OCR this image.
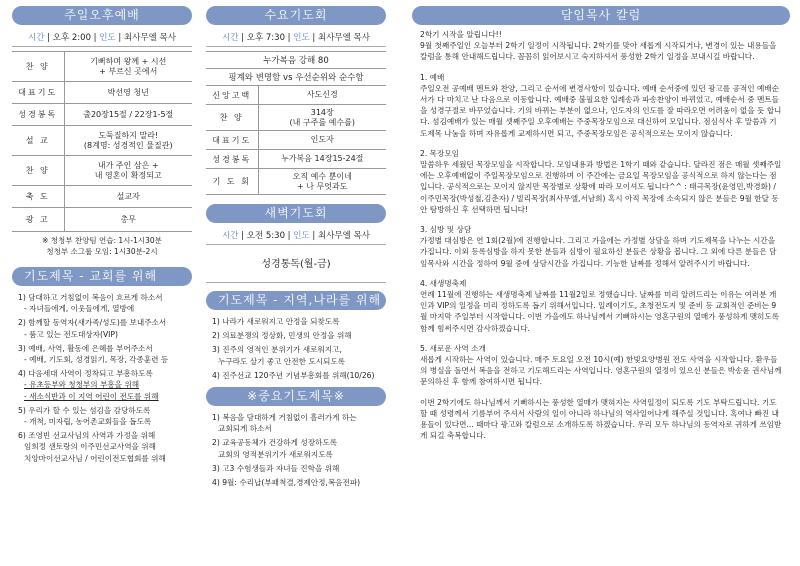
주일오후예배
시간 | 오후 2:00 | 인도 | 최사무엘 목사
찬 양	기뻐하며 왕께 + 시선
+ 부르신 곳에서

대표기도	박선영 청년

성경봉독	출20장15절 / 22장1-5절

설 교	도둑질하지 말라!
(8계명: 성경적인 물질관)

찬 양	내가 주인 삼은 +
내 영혼이 확정되고

축 도	설교자

광 고	총무
※ 청청부 찬양팀 연습: 1시-1시30분
청청부 소그룹 모임: 1시30분-2시
기도제목 - 교회를 위해
1) 담대하고 거침없이 복음이 흐르게 하소서
- 자녀들에게, 이웃들에게, 열방에
2) 함께할 동역자(새가족/성도)를 보내주소서
- 품고 있는 전도대상자(VIP)
3) 예배, 사역, 활동에 은혜를 부어주소서
- 예배, 기도회, 성경읽기, 목장, 각종훈련 등
4) 다음세대 사역이 정착되고 부흥하도록
- 유초등부와 청청부의 부흥을 위해
- 새소식반과 이 지역 어린이 전도를 위해
5) 우리가 할 수 있는 섬김을 감당하도록
- 개척, 미자립, 농어촌교회들을 돕도록
6) 조영빈 선교사님의 사역과 가정을 위해
임희정 샌토랑의 이주민선교사역을 위해
치앙마이선교사님 / 어린이전도협회를 위해
수요기도회
시간 | 오후 7:30 | 인도 | 최사무엘 목사
누가복음 강해 80	
핑계와 변명함 vs 우선순위와 순수함	
신앙고백	사도신경

찬 양	314장
(내 구주를 예수를)

대표기도	인도자

성경봉독	누가복음 14장15-24절

기 도 회	오직 예수 뿐이네
+ 나 무엇과도
새벽기도회
시간 | 오전 5:30 | 인도 | 최사무엘 목사
성경통독(월-금)
기도제목 - 지역,나라를 위해
1) 나라가 새로워지고 안정을 되찾도록
2) 의료분쟁의 정상화, 민생의 안정을 위해
3) 진주의 영적인 분위기가 새로워지고,
누구라도 살기 좋고 안전한 도시되도록
4) 진주선교 120주년 기념부흥회를 위해(10/26)
※중요기도제목※
1) 복음을 담대하게 거침없이 흘러가게 하는
교회되게 하소서
2) 교육공동체가 건강하게 성장하도록
교회의 영적분위기가 새로워지도록
3) 고3 수험생들과 자녀들 진학을 위해
4) 9월: 수리납(부패척결,경제안정,복음전파)
담임목사 칼럼

2학기 시작을 알립니다!!

9월 첫째주일인 오늘부터 2학기 일정이 시작됩니다. 2학기를 맞아 새롭게 시작되거나, 변경이 있는 내용들을 칼럼을 통해 안내해드립니다. 꼼꼼히 읽어보시고 숙지하셔서 풍성한 2학기 일정을 보내시길 바랍니다.

1. 예배

주일오전 공예배 멘트와 찬양, 그리고 순서에 변경사항이 있습니다. 예배 순서중에 있던 광고를 공적인 예배순서가 다 마치고 난 다음으로 이동합니다. 예배중 불필요한 입례송과 파송찬양이 바뀌었고, 예배순서 중 멘트들을 성경구절로 바꾸었습니다. 기의 바뀌는 부분이 없으나, 인도자의 인도를 잘 따라오면 어려움이 없을 듯 합니다. 섬김예배가 있는 매월 셋째주일 오후예배는 주중목장모임으로 대신하여 모입니다. 점심식사 후 말씀과 기도제목 나눔을 하며 자유롭게 교제하시면 되고, 주중목장모임은 공식적으로는 모이지 않습니다.

2. 목장모임

말씀하우 세웠던 목장모임을 시작합니다. 모임내용과 방법은 1학기 때와 같습니다. 달라진 점은 매월 셋째주일에는 오후예배없이 주일목장모임으로 진행하며 이 주간에는 금요일 목장모임을 공식적으로 하지 않는다는 점입니다. 공식적으로는 모이지 않지만 목장별로 상황에 따라 모이셔도 됩니다^^ : 태극목장(윤영민,박경화) / 이주민목장(박성철,김춘자) / 빌리목장(최사무엘,서남희) 혹시 아직 목장에 소속되지 않은 분들은 9월 한달 동안 탐방하신 후 선택하면 됩니다!

3. 심방 및 상담

가정별 대심방은 연 1회(2월)에 진행합니다. 그리고 가을에는 가정별 상담을 하며 기도제목을 나누는 시간을 가집니다. 이외 등록심방을 하지 못한 분들과 심방이 필요하신 분들은 상황을 봅니다. 그 외에 다른 분들은 담임목사와 시간을 정하여 9월 중에 상담시간을 가집니다. 기능한 날짜를 정해서 알려주시기 바랍니다.

4. 새생명축제

연례 11월에 진행하는 새생명축제 날짜를 11월2일로 정했습니다. 날짜를 미리 알려드리는 이유는 여러분 개인과 VIP의 일정을 미리 정하도록 돕기 위해서입니다. 일례이기도, 초청전도지 및 준비 등 교회적인 준비는 9월 마지막 주일부터 시작합니다. 이번 가을에도 하나님께서 기뻐하시는 영혼구원의 열매가 풍성하게 맺히도록 함께 힘써주시면 감사하겠습니다.

5. 새로운 사역 소개

새롭게 시작하는 사역이 있습니다. 매주 토요일 오전 10시(예) 한빛요양병원 전도 사역을 시작합니다. 환우들의 병실을 돌면서 복음을 전하고 기도해드리는 사역입니다. 영혼구원의 열정이 있으신 분들은 박송윤 권사님께 문의하신 후 함께 참여하시면 됩니다.

이번 2학기에도 하나님께서 기뻐하시는 풍성한 열매가 맺혀지는 사역일정이 되도록 기도 부탁드립니다. 기도할 때 성령께서 기름부어 주셔서 사람의 일이 아니라 하나님의 역사일어나게 해주실 것입니다. 혹여나 빠진 내용들이 있다면... 때마다 광고와 칼럼으로 소개하도록 하겠습니다. 우리 모두 하나님의 동역자로 귀하게 쓰임받게 되길 축복합니다.
